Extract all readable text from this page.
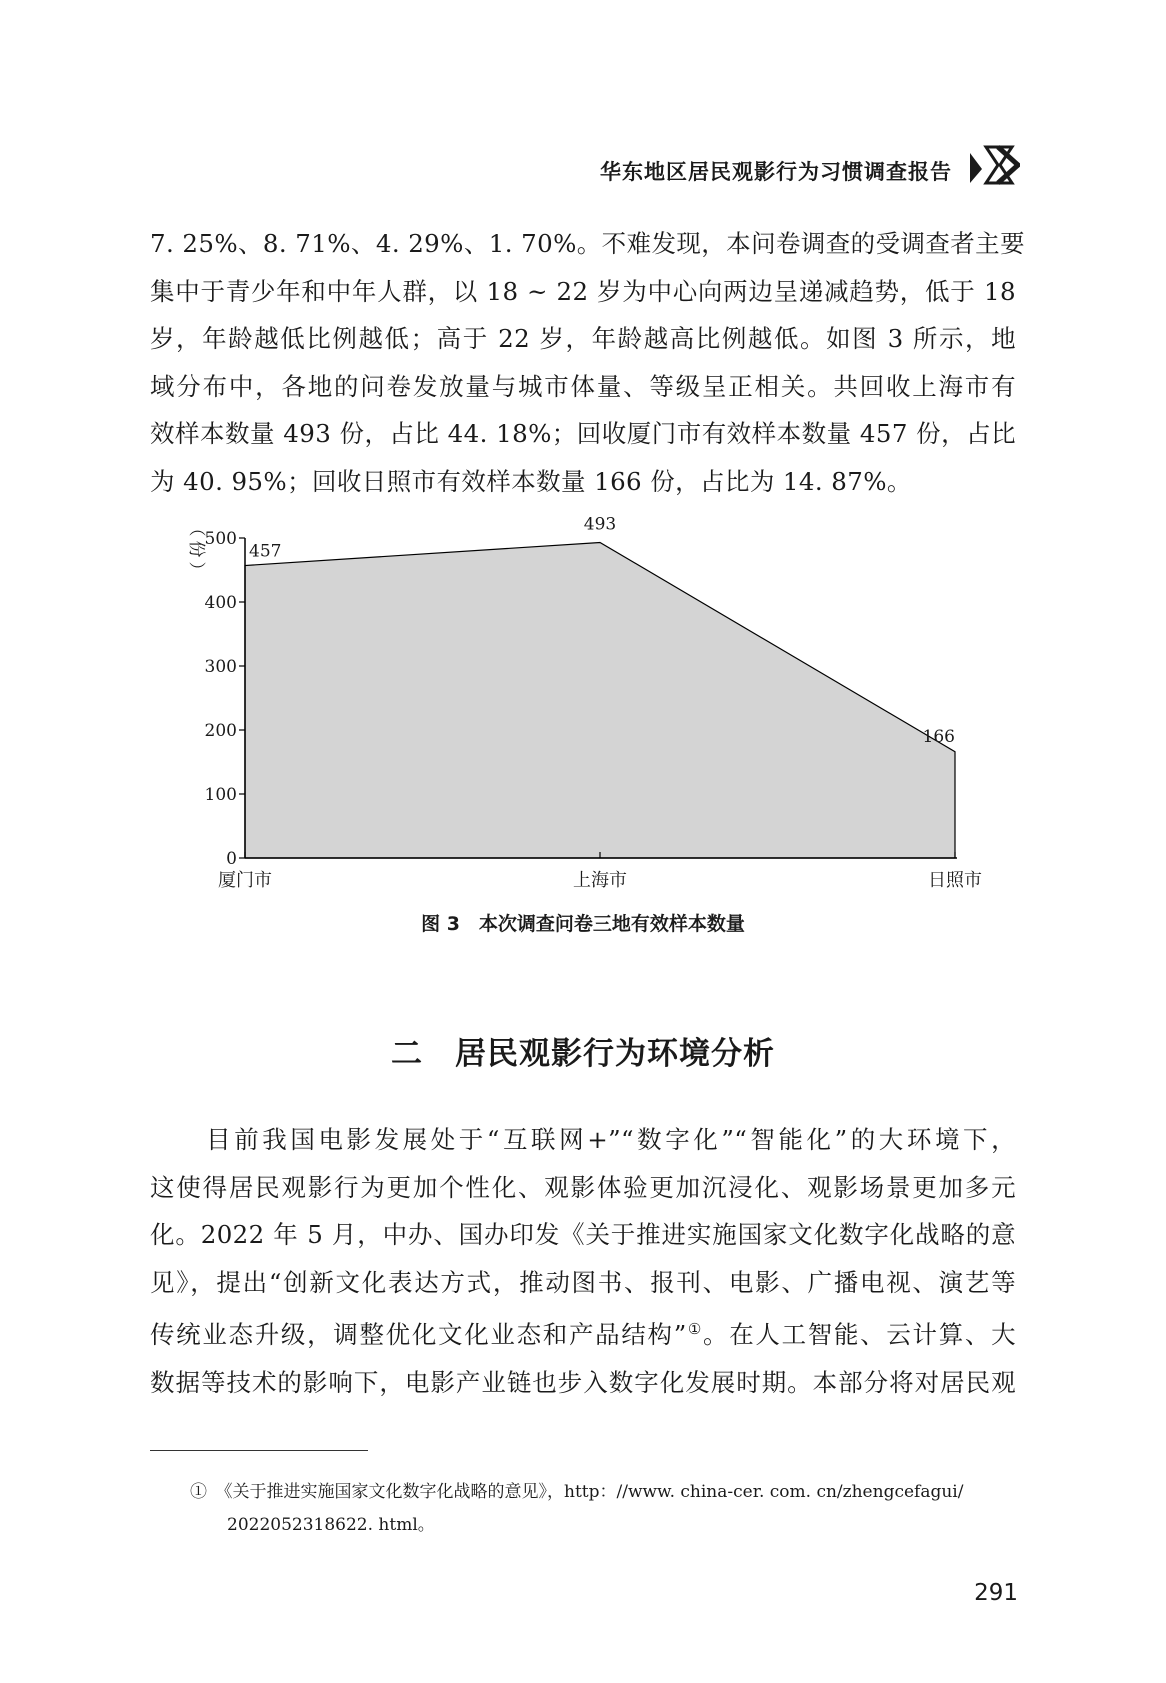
华东地区居民观影行为习惯调查报告
7. 25%、8. 71%、4. 29%、1. 70%。不难发现，本问卷调查的受调查者主要
集中于青少年和中年人群，以 18 ~ 22 岁为中心向两边呈递减趋势，低于 18
岁，年龄越低比例越低；高于 22 岁，年龄越高比例越低。如图 3 所示，地
域分布中，各地的问卷发放量与城市体量、等级呈正相关。共回收上海市有
效样本数量 493 份，占比 44. 18%；回收厦门市有效样本数量 457 份，占比
为 40. 95%；回收日照市有效样本数量 166 份，占比为 14. 87%。
0
100
200
300
400
500
厦门市	上海市	日照市
457
493
166
（
份
）
图 3　本次调查问卷三地有效样本数量
二　居民观影行为环境分析
　　目前我国电影发展处于“互联网+”“数字化”“智能化”的大环境下，
这使得居民观影行为更加个性化、观影体验更加沉浸化、观影场景更加多元
化。2022 年 5 月，中办、国办印发《关于推进实施国家文化数字化战略的意
见》，提出“创新文化表达方式，推动图书、报刊、电影、广播电视、演艺等
传统业态升级，调整优化文化业态和产品结构”①。在人工智能、云计算、大
数据等技术的影响下，电影产业链也步入数字化发展时期。本部分将对居民观
①　《关于推进实施国家文化数字化战略的意见》，http：//www. china-cer. com. cn/zhengcefagui/
2022052318622. html。
291
